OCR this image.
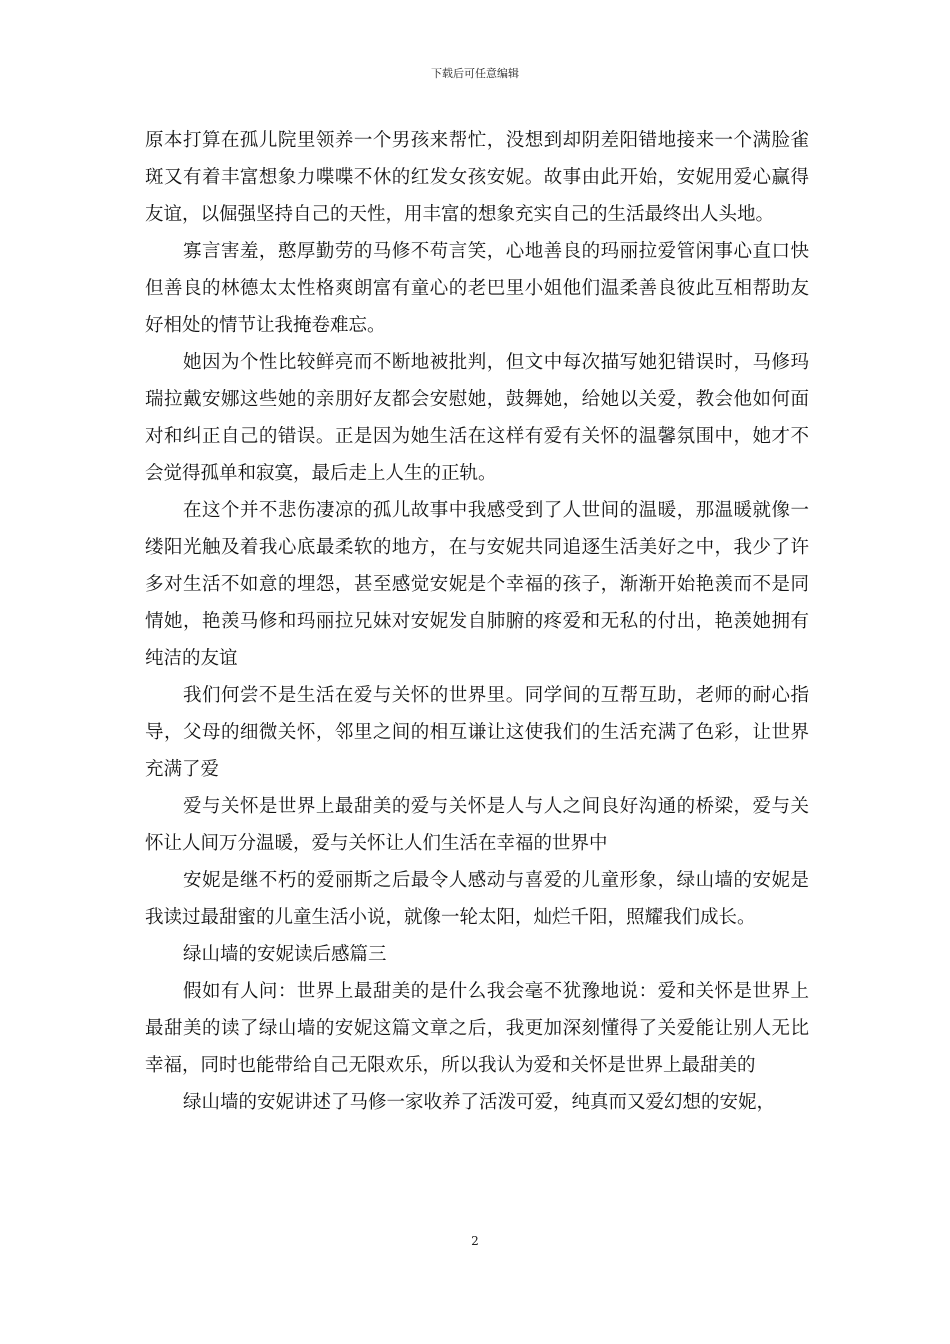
下载后可任意编辑

原本打算在孤儿院里领养一个男孩来帮忙，没想到却阴差阳错地接来一个满脸雀斑又有着丰富想象力喋喋不休的红发女孩安妮。故事由此开始，安妮用爱心赢得友谊，以倔强坚持自己的天性，用丰富的想象充实自己的生活最终出人头地。

寡言害羞，憨厚勤劳的马修不苟言笑，心地善良的玛丽拉爱管闲事心直口快但善良的林德太太性格爽朗富有童心的老巴里小姐他们温柔善良彼此互相帮助友好相处的情节让我掩卷难忘。

她因为个性比较鲜亮而不断地被批判，但文中每次描写她犯错误时，马修玛瑞拉戴安娜这些她的亲朋好友都会安慰她，鼓舞她，给她以关爱，教会他如何面对和纠正自己的错误。正是因为她生活在这样有爱有关怀的温馨氛围中，她才不会觉得孤单和寂寞，最后走上人生的正轨。

在这个并不悲伤凄凉的孤儿故事中我感受到了人世间的温暖，那温暖就像一缕阳光触及着我心底最柔软的地方，在与安妮共同追逐生活美好之中，我少了许多对生活不如意的埋怨，甚至感觉安妮是个幸福的孩子，渐渐开始艳羡而不是同情她，艳羡马修和玛丽拉兄妹对安妮发自肺腑的疼爱和无私的付出，艳羡她拥有纯洁的友谊

我们何尝不是生活在爱与关怀的世界里。同学间的互帮互助，老师的耐心指导，父母的细微关怀，邻里之间的相互谦让这使我们的生活充满了色彩，让世界充满了爱

爱与关怀是世界上最甜美的爱与关怀是人与人之间良好沟通的桥梁，爱与关怀让人间万分温暖，爱与关怀让人们生活在幸福的世界中

安妮是继不朽的爱丽斯之后最令人感动与喜爱的儿童形象，绿山墙的安妮是我读过最甜蜜的儿童生活小说，就像一轮太阳，灿烂千阳，照耀我们成长。

绿山墙的安妮读后感篇三

假如有人问：世界上最甜美的是什么我会毫不犹豫地说：爱和关怀是世界上最甜美的读了绿山墙的安妮这篇文章之后，我更加深刻懂得了关爱能让别人无比幸福，同时也能带给自己无限欢乐，所以我认为爱和关怀是世界上最甜美的

绿山墙的安妮讲述了马修一家收养了活泼可爱，纯真而又爱幻想的安妮，

2
